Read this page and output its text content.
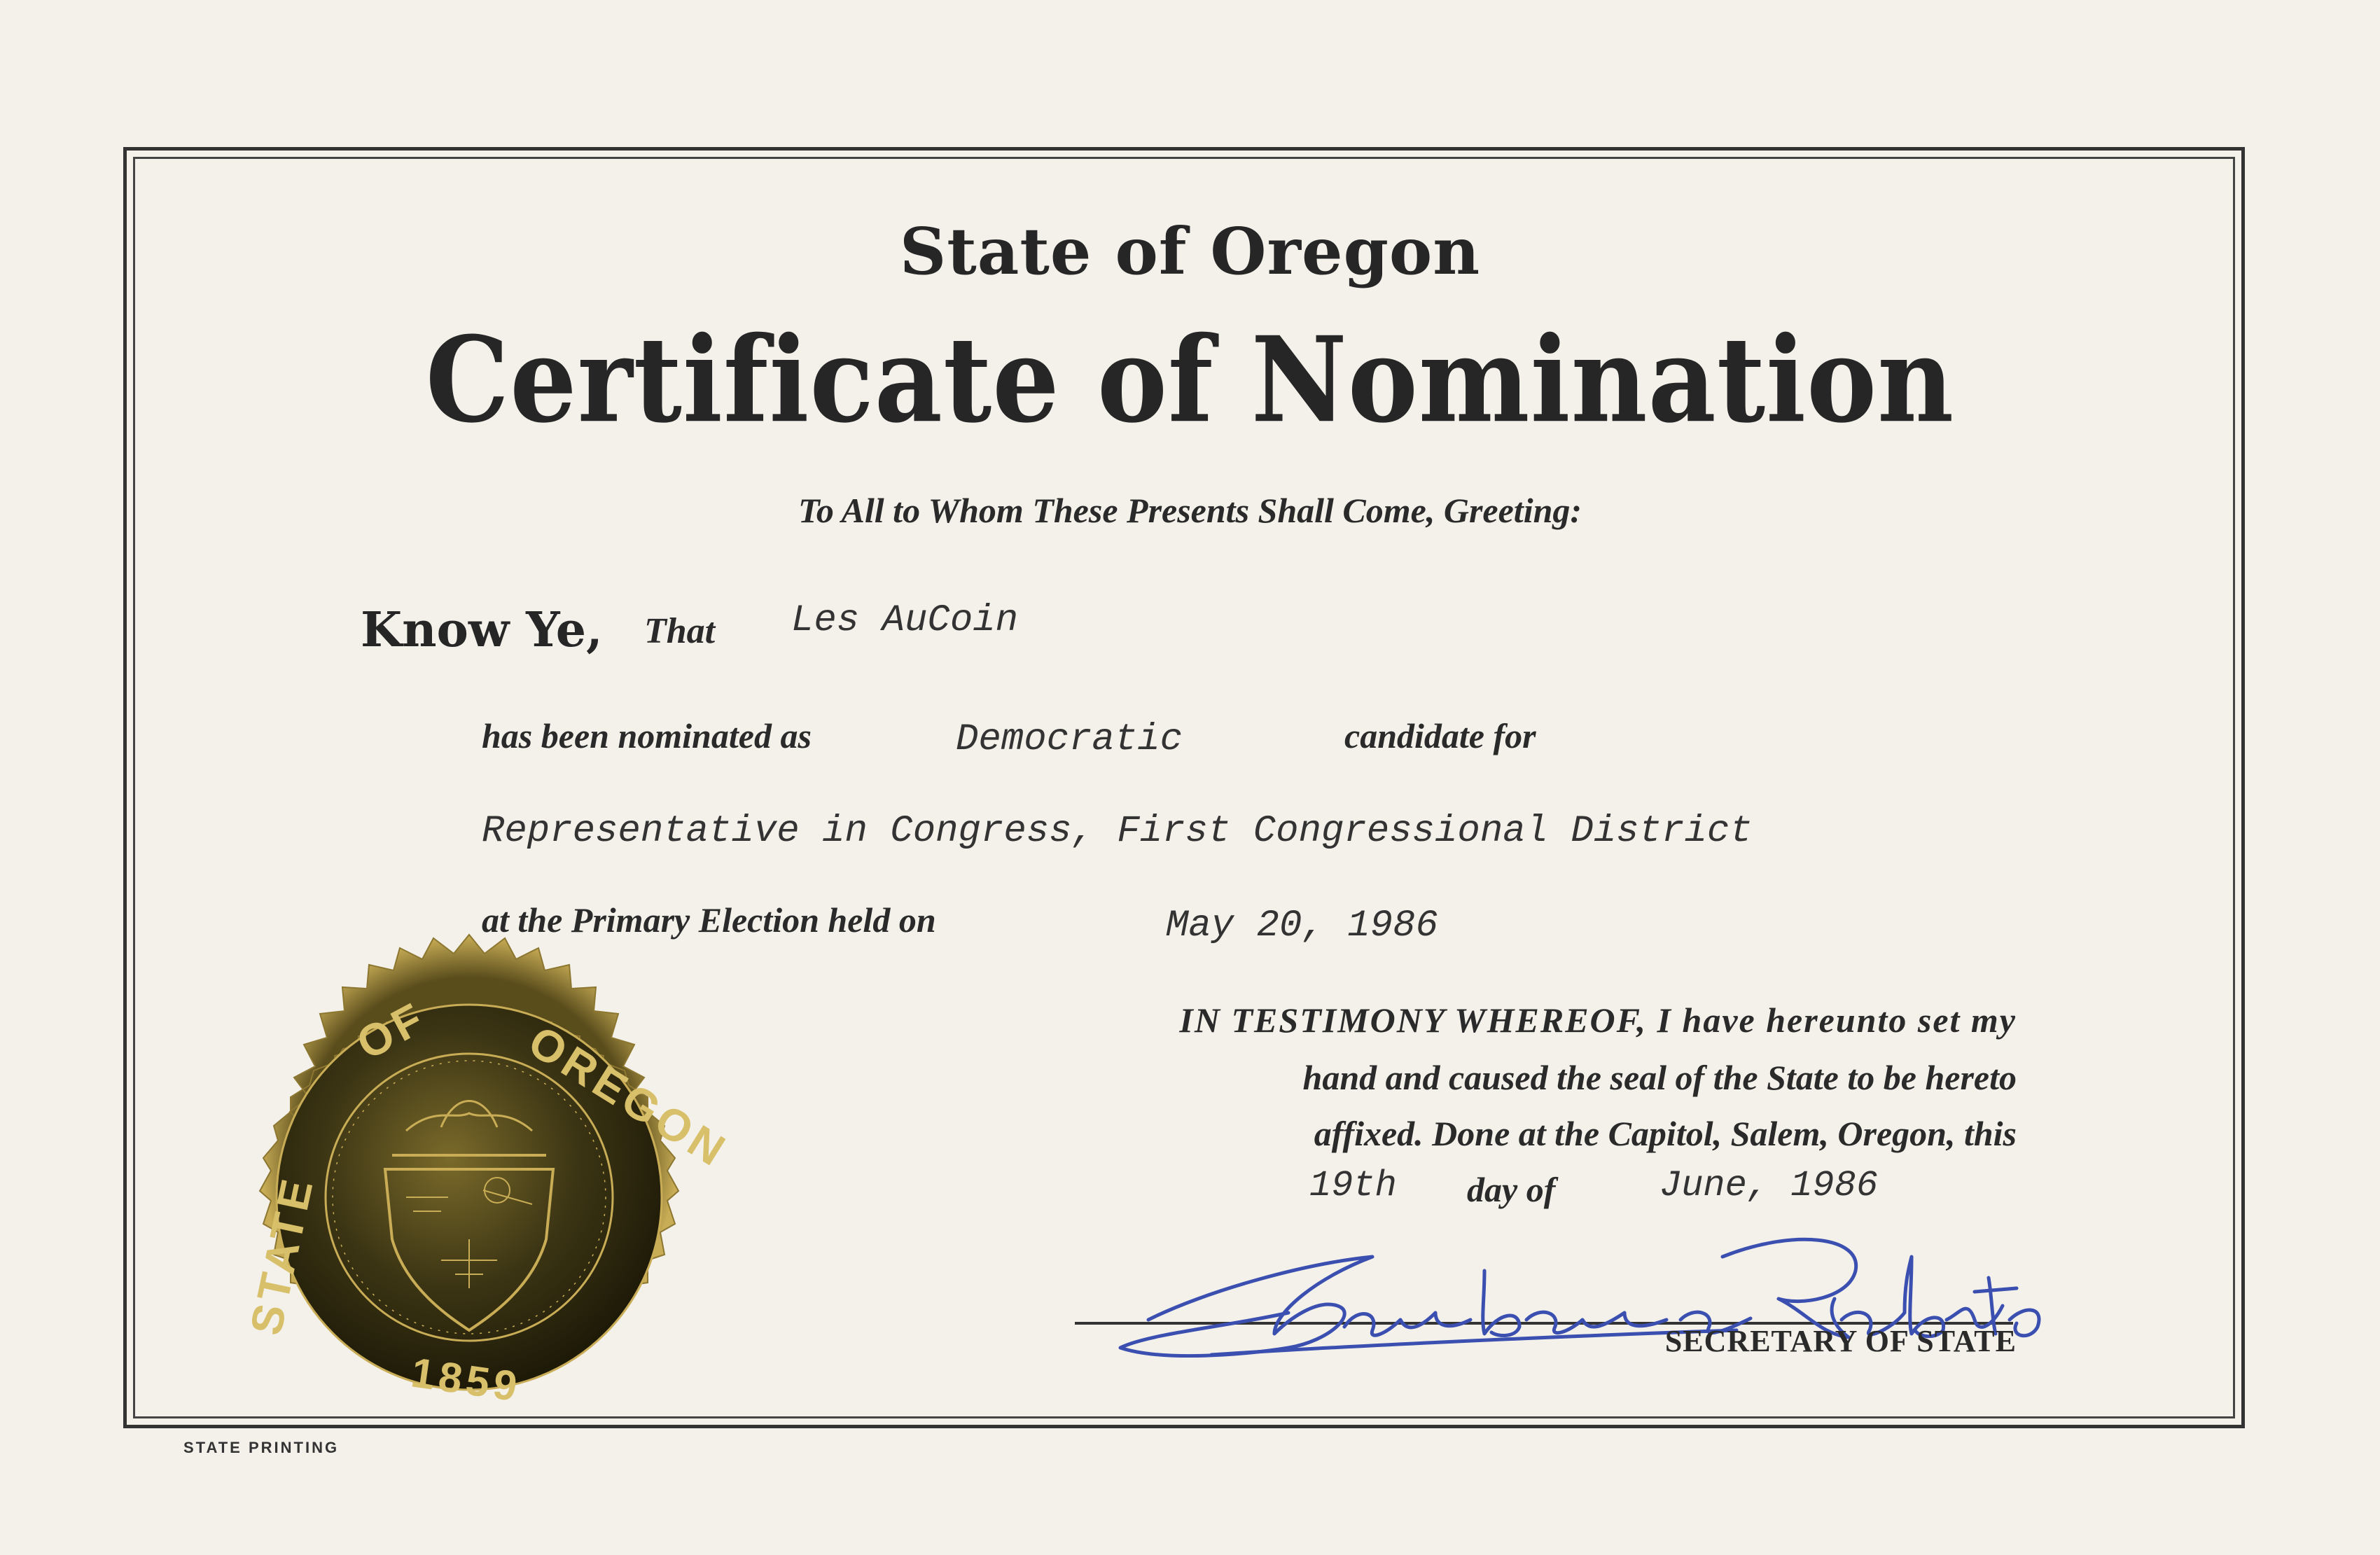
State of Oregon
Certificate of Nomination
To All to Whom These Presents Shall Come, Greeting:
Know Ye, That Les AuCoin
has been nominated as	Democratic	candidate for
Representative in Congress, First Congressional District
at the Primary Election held on	May 20, 1986
IN TESTIMONY WHEREOF, I have hereunto set my
hand and caused the seal of the State to be hereto
affixed. Done at the Capitol, Salem, Oregon, this
19th day of	June, 1986
SECRETARY OF STATE
STATE PRINTING
STATE
OF OREGON
1859
